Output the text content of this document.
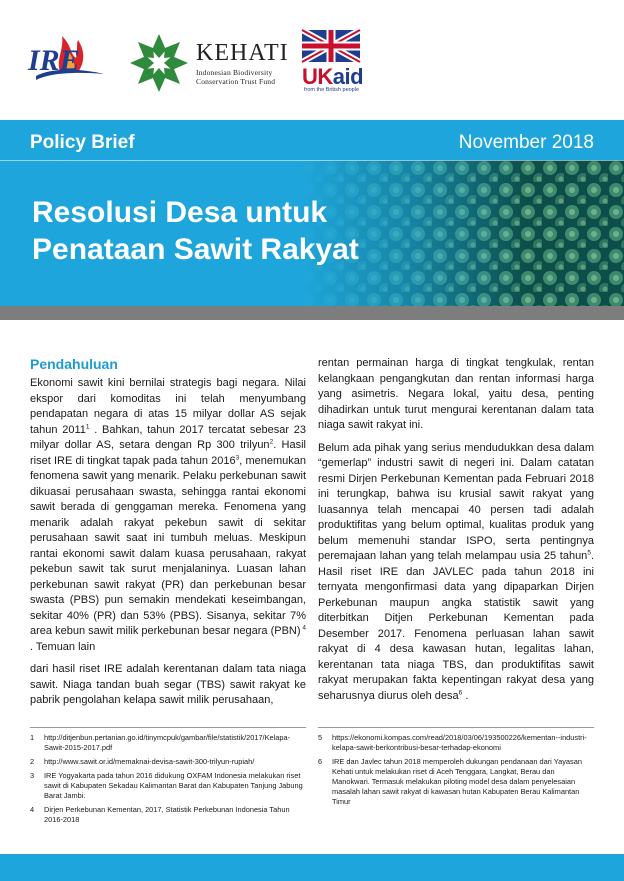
IRE	KEHATI
Indonesian Biodiversity
Conservation Trust Fund UKaid
from the British people
Policy Brief	November 2018
Resolusi Desa untuk
Penataan Sawit Rakyat
Pendahuluan

Ekonomi sawit kini bernilai strategis bagi negara. Nilai ekspor dari komoditas ini telah menyumbang pendapatan negara di atas 15 milyar dollar AS sejak tahun 2011$^1$ . Bahkan, tahun 2017 tercatat sebesar 23 milyar dollar AS, setara dengan Rp 300 trilyun$^2$. Hasil riset IRE di tingkat tapak pada tahun 2016$^3$, menemukan fenomena sawit yang menarik. Pelaku perkebunan sawit dikuasai perusahaan swasta, sehingga rantai ekonomi sawit berada di genggaman mereka. Fenomena yang menarik adalah rakyat pekebun sawit di sekitar perusahaan sawit saat ini tumbuh meluas. Meskipun rantai ekonomi sawit dalam kuasa perusahaan, rakyat pekebun sawit tak surut menjalaninya. Luasan lahan perkebunan sawit rakyat (PR) dan perkebunan besar swasta (PBS) pun semakin mendekati keseimbangan, sekitar 40% (PR) dan 53% (PBS). Sisanya, sekitar 7% area kebun sawit milik perkebunan besar negara (PBN) $^4$ . Temuan lain

dari hasil riset IRE adalah kerentanan dalam tata niaga sawit. Niaga tandan buah segar (TBS) sawit rakyat ke pabrik pengolahan kelapa sawit milik perusahaan,

rentan permainan harga di tingkat tengkulak, rentan kelangkaan pengangkutan dan rentan informasi harga yang asimetris. Negara lokal, yaitu desa, penting dihadirkan untuk turut mengurai kerentanan dalam tata niaga sawit rakyat ini.

Belum ada pihak yang serius mendudukkan desa dalam “gemerlap” industri sawit di negeri ini. Dalam catatan resmi Dirjen Perkebunan Kementan pada Februari 2018 ini terungkap, bahwa isu krusial sawit rakyat yang luasannya telah mencapai 40 persen tadi adalah produktifitas yang belum optimal, kualitas produk yang belum memenuhi standar ISPO, serta pentingnya peremajaan lahan yang telah melampau usia 25 tahun$^5$. Hasil riset IRE dan JAVLEC pada tahun 2018 ini ternyata mengonfirmasi data yang dipaparkan Dirjen Perkebunan maupun angka statistik sawit yang diterbitkan Ditjen Perkebunan Kementan pada Desember 2017. Fenomena perluasan lahan sawit rakyat di 4 desa kawasan hutan, legalitas lahan, kerentanan tata niaga TBS, dan produktifitas sawit rakyat merupakan fakta kepentingan rakyat desa yang seharusnya diurus oleh desa$^6$ .

1	http://ditjenbun.pertanian.go.id/tinymcpuk/gambar/file/statistik/2017/Kelapa-Sawit-2015-2017.pdf
2	http://www.sawit.or.id/memaknai-devisa-sawit-300-trilyun-rupiah/
3	IRE Yogyakarta pada tahun 2016 didukung OXFAM Indonesia melakukan riset sawit di Kabupaten Sekadau Kalimantan Barat dan Kabupaten Tanjung Jabung Barat Jambi.
4	Dirjen Perkebunan Kementan, 2017, Statistik Perkebunan Indonesia Tahun 2016-2018
5	https://ekonomi.kompas.com/read/2018/03/06/193500226/kementan--industri-kelapa-sawit-berkontribusi-besar-terhadap-ekonomi
6	IRE dan Javlec tahun 2018 memperoleh dukungan pendanaan dari Yayasan Kehati untuk melakukan riset di Aceh Tenggara, Langkat, Berau dan Manokwari. Termasuk melakukan piloting model desa dalam penyelesaian masalah lahan sawit rakyat di kawasan hutan Kabupaten Berau Kalimantan Timur
